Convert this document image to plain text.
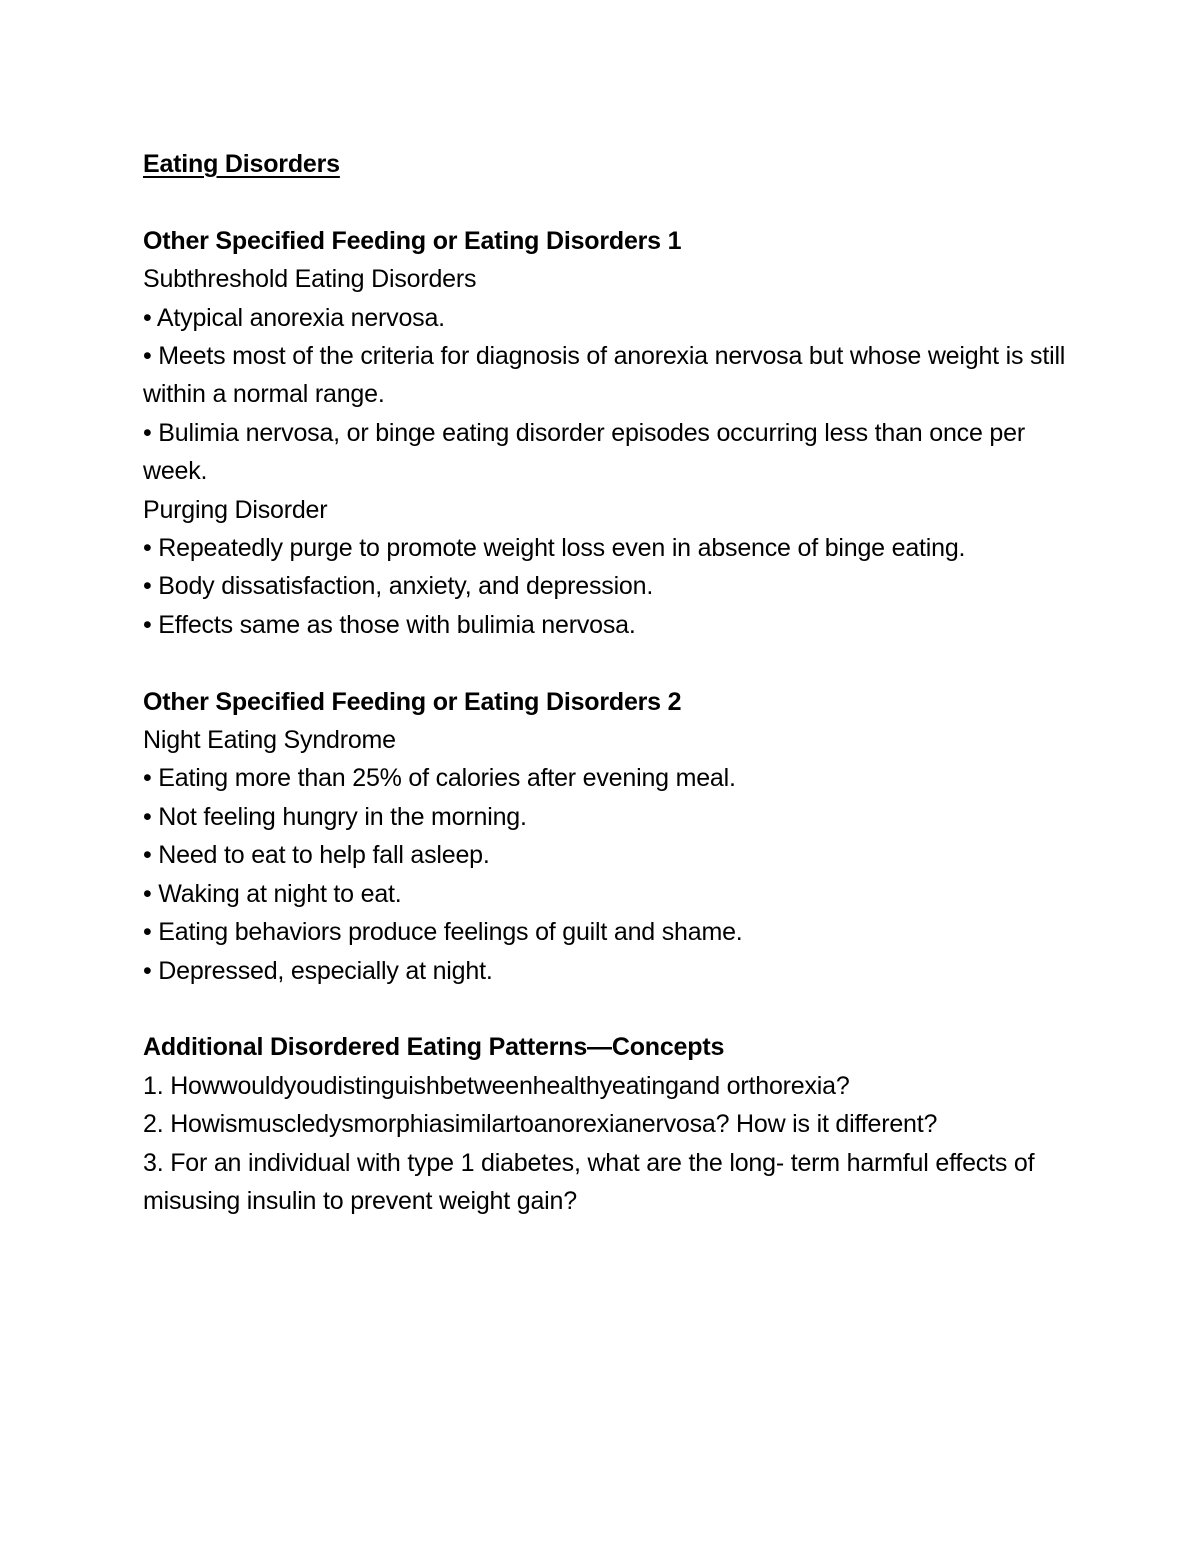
Eating Disorders
Other Specified Feeding or Eating Disorders 1
Subthreshold Eating Disorders
• Atypical anorexia nervosa.
• Meets most of the criteria for diagnosis of anorexia nervosa but whose weight is still within a normal range.
• Bulimia nervosa, or binge eating disorder episodes occurring less than once per week.
Purging Disorder
• Repeatedly purge to promote weight loss even in absence of binge eating.
• Body dissatisfaction, anxiety, and depression.
• Effects same as those with bulimia nervosa.
Other Specified Feeding or Eating Disorders 2
Night Eating Syndrome
• Eating more than 25% of calories after evening meal.
• Not feeling hungry in the morning.
• Need to eat to help fall asleep.
• Waking at night to eat.
• Eating behaviors produce feelings of guilt and shame.
• Depressed, especially at night.
Additional Disordered Eating Patterns—Concepts
1. Howwouldyoudistinguishbetweenhealthyeatingand orthorexia?
2. Howismuscledysmorphiasimilartoanorexianervosa? How is it different?
3. For an individual with type 1 diabetes, what are the long- term harmful effects of misusing insulin to prevent weight gain?
